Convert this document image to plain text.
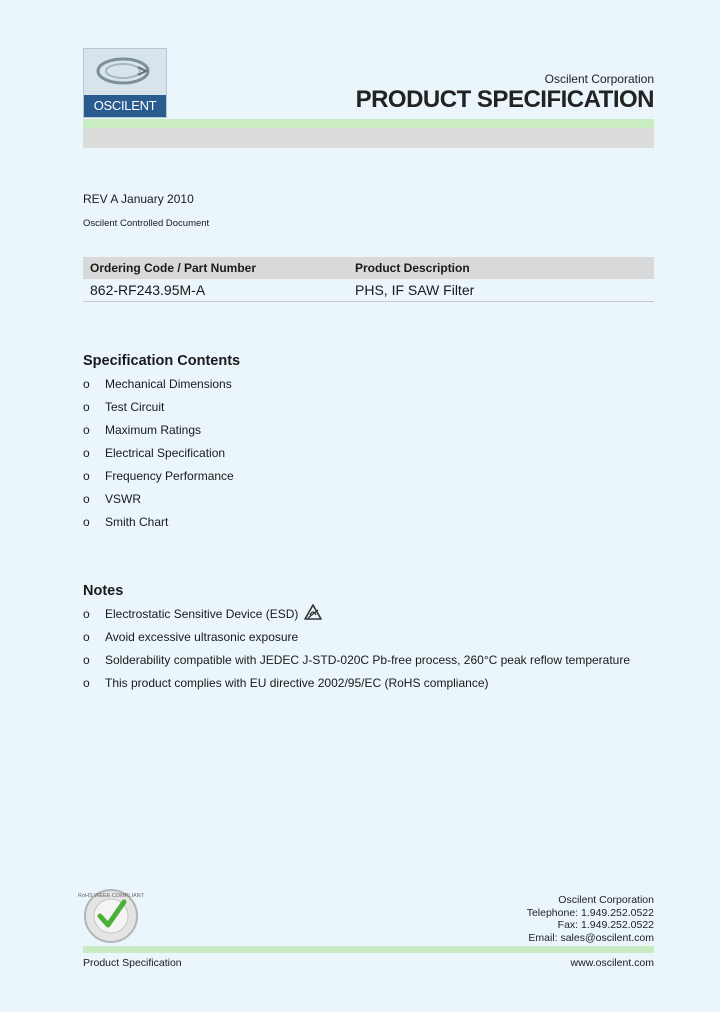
OSCILENT
Oscilent Corporation
PRODUCT SPECIFICATION
REV A January 2010
Oscilent Controlled Document
Ordering Code / Part Number	Product Description
862-RF243.95M-A	PHS, IF SAW Filter
Specification Contents
o Mechanical Dimensions
o Test Circuit
o Maximum Ratings
o Electrical Specification
o Frequency Performance
o VSWR
o Smith Chart
Notes
o Electrostatic Sensitive Device (ESD)
o Avoid excessive ultrasonic exposure
o Solderability compatible with JEDEC J-STD-020C Pb-free process, 260°C peak reflow temperature
o This product complies with EU directive 2002/95/EC (RoHS compliance)
RoHS WEEE COMPLIANT	Oscilent Corporation
Telephone: 1.949.252.0522
Fax: 1.949.252.0522
Email: sales@oscilent.com
Product Specification	www.oscilent.com
